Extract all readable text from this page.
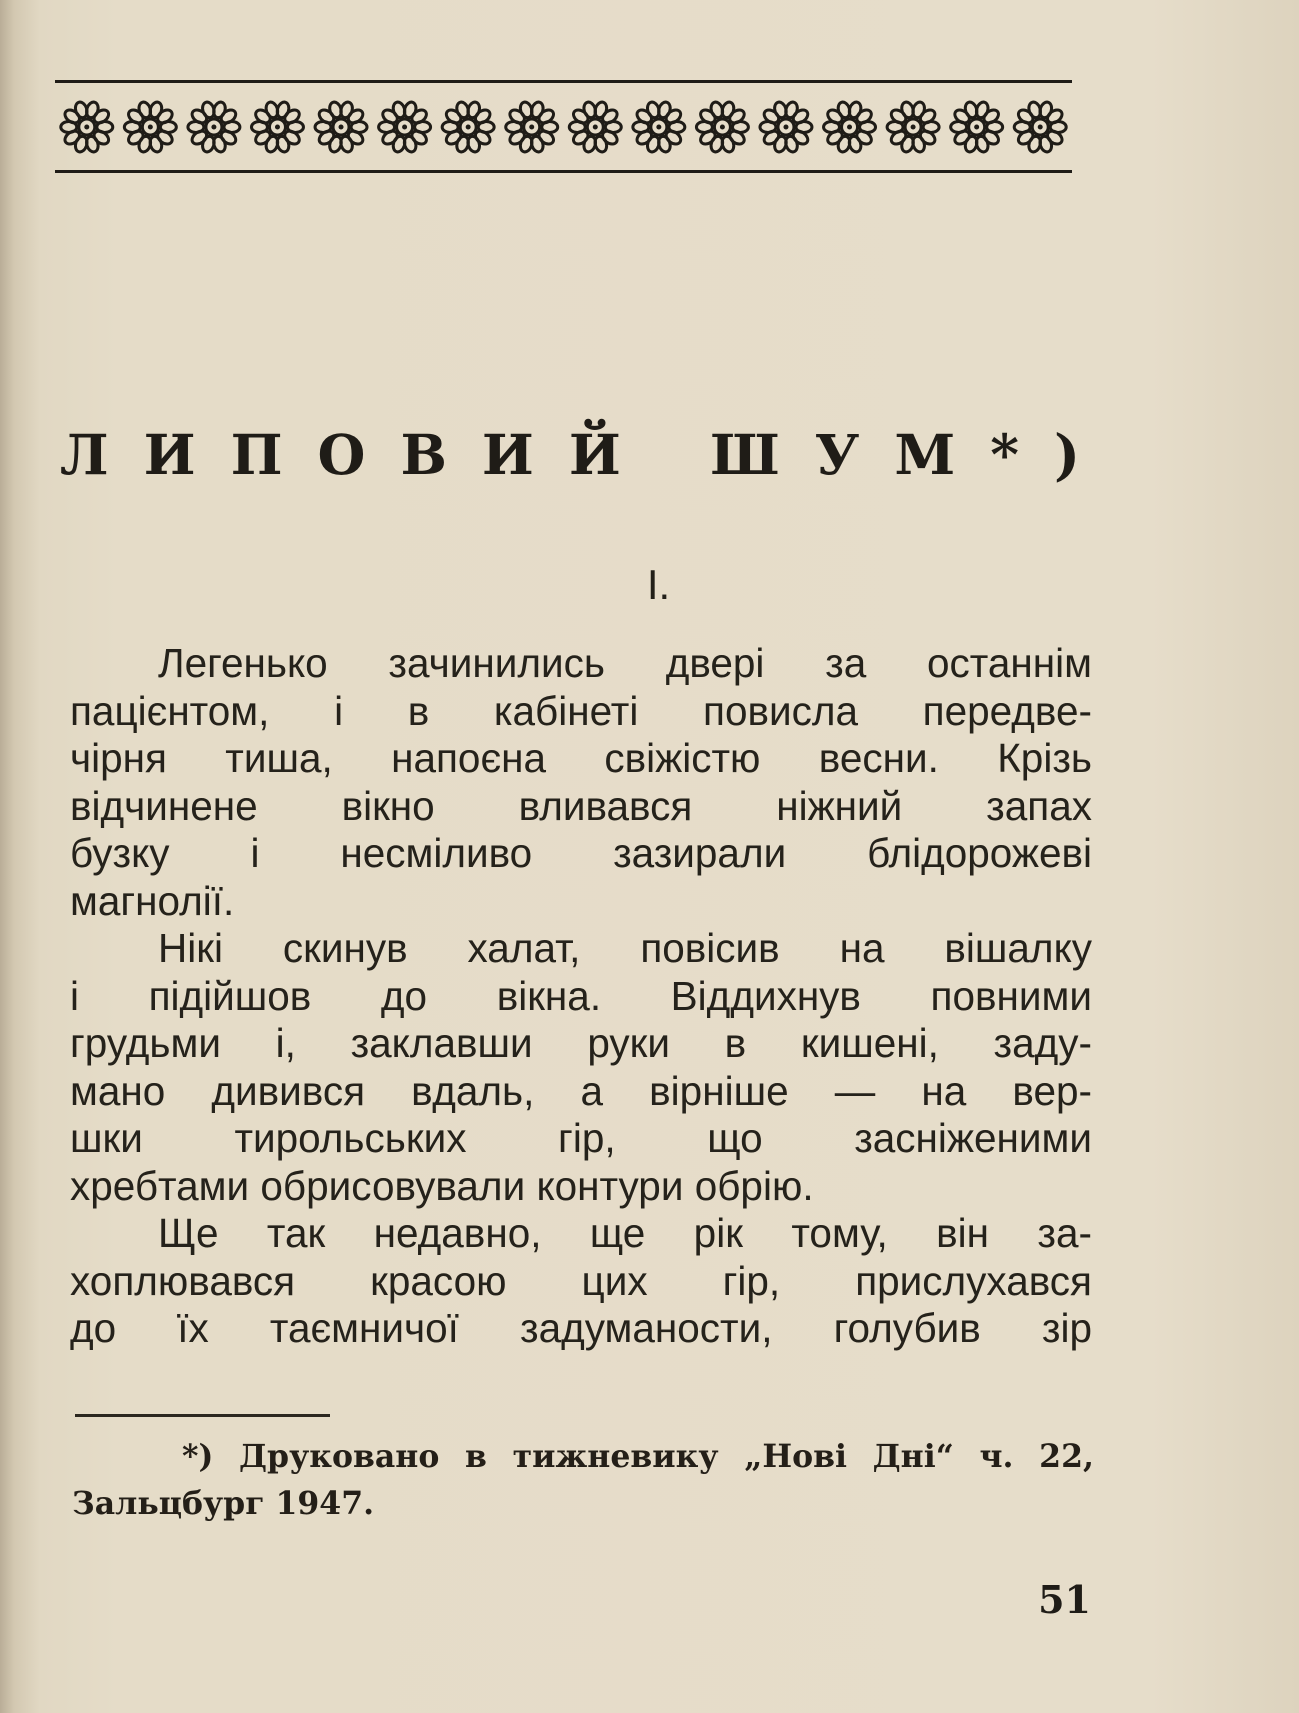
ЛИПОВИЙ ШУМ*)
I.
Легенько зачинились двері за останнім
пацієнтом, і в кабінеті повисла передве-
чірня тиша, напоєна свіжістю весни. Крізь
відчинене вікно вливався ніжний запах
бузку і несміливо зазирали блідорожеві
магнолії.
Нікі скинув халат, повісив на вішалку
і підійшов до вікна. Віддихнув повними
грудьми і, заклавши руки в кишені, заду-
мано дивився вдаль, а вірніше — на вер-
шки тирольських гір, що засніженими
хребтами обрисовували контури обрію.
Ще так недавно, ще рік тому, він за-
хоплювався красою цих гір, прислухався
до їх таємничої задуманости, голубив зір
*) Друковано в тижневику „Нові Дні“ ч. 22,
Зальцбург 1947.
51
